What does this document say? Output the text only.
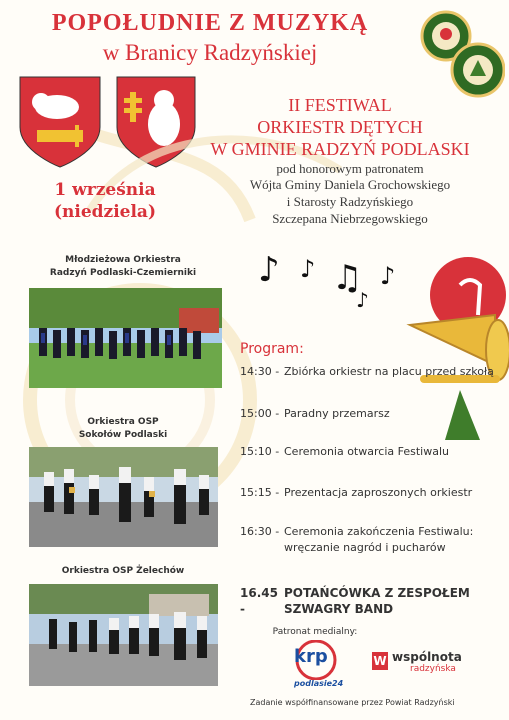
POPOŁUDNIE Z MUZYKĄ
w Branicy Radzyńskiej
II FESTIWAL
ORKIESTR DĘTYCH
W GMINIE RADZYŃ PODLASKI
pod honorowym patronatem
Wójta Gminy Daniela Grochowskiego
i Starosty Radzyńskiego
Szczepana Niebrzegowskiego
1 września
(niedziela)
♪ ♪ ♫ ♪
♪
Młodzieżowa Orkiestra
Radzyń Podlaski-Czemierniki
Orkiestra OSP
Sokołów Podlaski
Orkiestra OSP Żelechów
Program:
14:30 - Zbiórka orkiestr na placu przed szkołą
15:00 - Paradny przemarsz
15:10 - Ceremonia otwarcia Festiwalu
15:15 - Prezentacja zaproszonych orkiestr
16:30 - Ceremonia zakończenia Festiwalu: wręczanie nagród i pucharów
16.45 -POTAŃCÓWKA Z ZESPOŁEM SZWAGRY BAND
Patronat medialny:
krp
podlasie24
W wspólnota
radzyńska
Zadanie współfinansowane przez Powiat Radzyński
